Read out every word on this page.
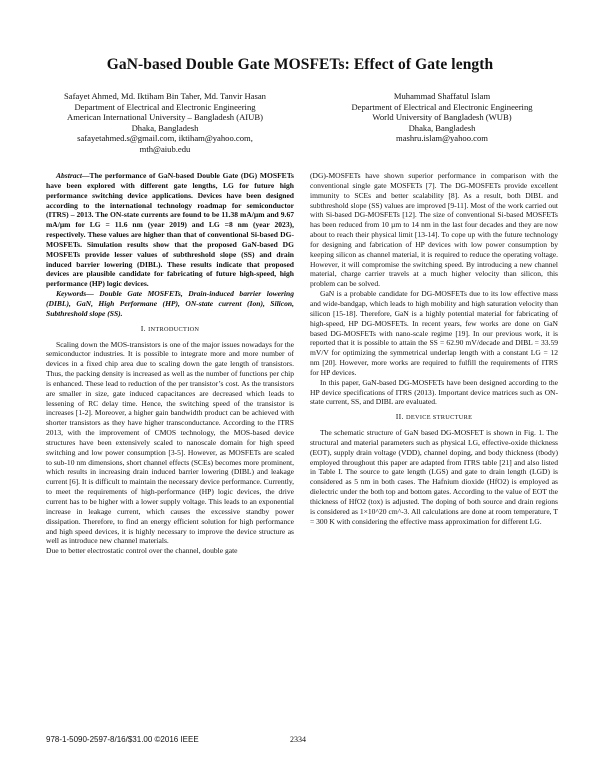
GaN-based Double Gate MOSFETs: Effect of Gate length
Safayet Ahmed, Md. Iktiham Bin Taher, Md. Tanvir Hasan
Department of Electrical and Electronic Engineering
American International University – Bangladesh (AIUB)
Dhaka, Bangladesh
safayetahmed.s@gmail.com, iktiham@yahoo.com,
mth@aiub.edu
Muhammad Shaffatul Islam
Department of Electrical and Electronic Engineering
World University of Bangladesh (WUB)
Dhaka, Bangladesh
mashru.islam@yahoo.com

Abstract—The performance of GaN-based Double Gate (DG) MOSFETs have been explored with different gate lengths, LG for future high performance switching device applications. Devices have been designed according to the international technology roadmap for semiconductor (ITRS) – 2013. The ON-state currents are found to be 11.38 mA/µm and 9.67 mA/µm for LG = 11.6 nm (year 2019) and LG =8 nm (year 2023), respectively. These values are higher than that of conventional Si-based DG-MOSFETs. Simulation results show that the proposed GaN-based DG MOSFETs provide lesser values of subthreshold slope (SS) and drain induced barrier lowering (DIBL). These results indicate that proposed devices are plausible candidate for fabricating of future high-speed, high performance (HP) logic devices.

Keywords— Double Gate MOSFETs, Drain-induced barrier lowering (DIBL), GaN, High Performane (HP), ON-state current (Ion), Silicon, Subthreshold slope (SS).

I. INTRODUCTION

Scaling down the MOS-transistors is one of the major issues nowadays for the semiconductor industries. It is possible to integrate more and more number of devices in a fixed chip area due to scaling down the gate length of transistors. Thus, the packing density is increased as well as the number of functions per chip is enhanced. These lead to reduction of the per transistor’s cost. As the transistors are smaller in size, gate induced capacitances are decreased which leads to lessening of RC delay time. Hence, the switching speed of the transistor is increases [1-2]. Moreover, a higher gain bandwidth product can be achieved with shorter transistors as they have higher transconductance. According to the ITRS 2013, with the improvement of CMOS technology, the MOS-based device structures have been extensively scaled to nanoscale domain for high speed switching and low power consumption [3-5]. However, as MOSFETs are scaled to sub-10 nm dimensions, short channel effects (SCEs) becomes more prominent, which results in increasing drain induced barrier lowering (DIBL) and leakage current [6]. It is difficult to maintain the necessary device performance. Currently, to meet the requirements of high-performance (HP) logic devices, the drive current has to be higher with a lower supply voltage. This leads to an exponential increase in leakage current, which causes the excessive standby power dissipation. Therefore, to find an energy efficient solution for high performance and high speed devices, it is highly necessary to improve the device structure as well as introduce new channel materials.

Due to better electrostatic control over the channel, double gate

(DG)-MOSFETs have shown superior performance in comparison with the conventional single gate MOSFETs [7]. The DG-MOSFETs provide excellent immunity to SCEs and better scalability [8]. As a result, both DIBL and subthreshold slope (SS) values are improved [9-11]. Most of the work carried out with Si-based DG-MOSFETs [12]. The size of conventional Si-based MOSFETs has been reduced from 10 µm to 14 nm in the last four decades and they are now about to reach their physical limit [13-14]. To cope up with the future technology for designing and fabrication of HP devices with low power consumption by keeping silicon as channel material, it is required to reduce the operating voltage. However, it will compromise the switching speed. By introducing a new channel material, charge carrier travels at a much higher velocity than silicon, this problem can be solved.

GaN is a probable candidate for DG-MOSFETs due to its low effective mass and wide-bandgap, which leads to high mobility and high saturation velocity than silicon [15-18]. Therefore, GaN is a highly potential material for fabricating of high-speed, HP DG-MOSFETs. In recent years, few works are done on GaN based DG-MOSFETs with nano-scale regime [19]. In our previous work, it is reported that it is possible to attain the SS = 62.90 mV/decade and DIBL = 33.59 mV/V for optimizing the symmetrical underlap length with a constant LG = 12 nm [20]. However, more works are required to fulfill the requirements of ITRS for HP devices.

In this paper, GaN-based DG-MOSFETs have been designed according to the HP device specifications of ITRS (2013). Important device matrices such as ON-state current, SS, and DIBL are evaluated.

II. DEVICE STRUCTURE

The schematic structure of GaN based DG-MOSFET is shown in Fig. 1. The structural and material parameters such as physical LG, effective-oxide thickness (EOT), supply drain voltage (VDD), channel doping, and body thickness (tbody) employed throughout this paper are adapted from ITRS table [21] and also listed in Table I. The source to gate length (LGS) and gate to drain length (LGD) is considered as 5 nm in both cases. The Hafnium dioxide (HfO2) is employed as dielectric under the both top and bottom gates. According to the value of EOT the thickness of HfO2 (tox) is adjusted. The doping of both source and drain regions is considered as 1×10^20 cm^-3. All calculations are done at room temperature, T = 300 K with considering the effective mass approximation for different LG.

978-1-5090-2597-8/16/$31.00 ©2016 IEEE	2334
